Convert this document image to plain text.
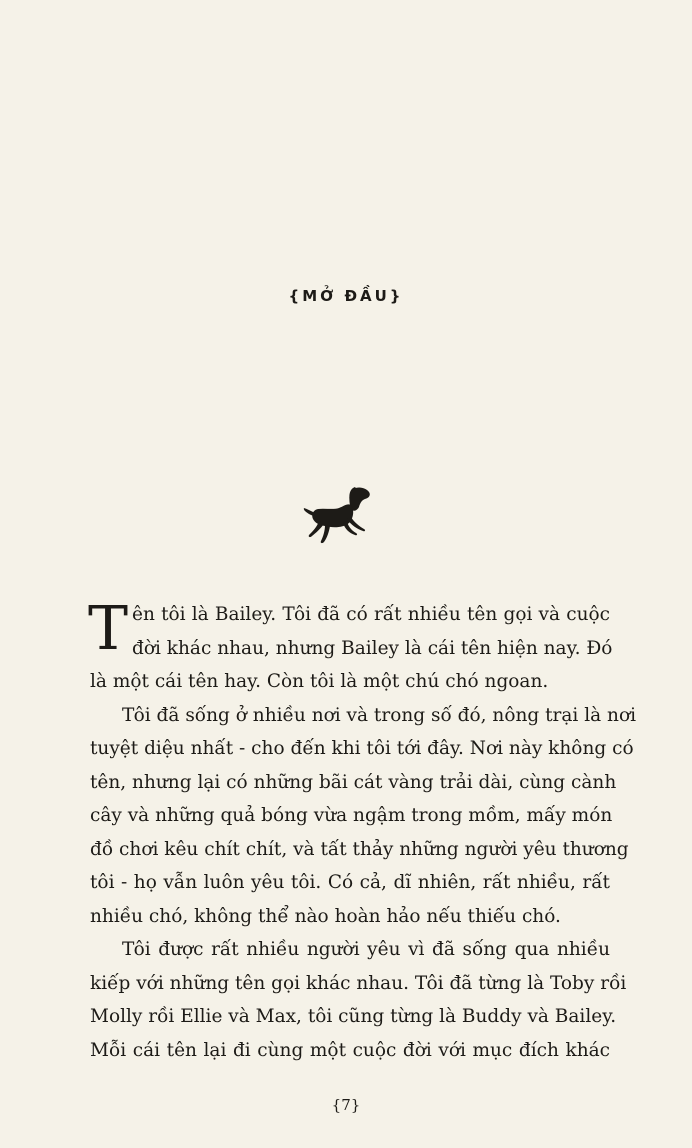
{MỞ ĐẦU}

T ên tôi là Bailey. Tôi đã có rất nhiều tên gọi và cuộc
đời khác nhau, nhưng Bailey là cái tên hiện nay. Đó
là một cái tên hay. Còn tôi là một chú chó ngoan.

Tôi đã sống ở nhiều nơi và trong số đó, nông trại là nơi
tuyệt diệu nhất - cho đến khi tôi tới đây. Nơi này không có
tên, nhưng lại có những bãi cát vàng trải dài, cùng cành
cây và những quả bóng vừa ngậm trong mồm, mấy món
đồ chơi kêu chít chít, và tất thảy những người yêu thương
tôi - họ vẫn luôn yêu tôi. Có cả, dĩ nhiên, rất nhiều, rất
nhiều chó, không thể nào hoàn hảo nếu thiếu chó.

Tôi được rất nhiều người yêu vì đã sống qua nhiều
kiếp với những tên gọi khác nhau. Tôi đã từng là Toby rồi
Molly rồi Ellie và Max, tôi cũng từng là Buddy và Bailey.
Mỗi cái tên lại đi cùng một cuộc đời với mục đích khác

{7}
